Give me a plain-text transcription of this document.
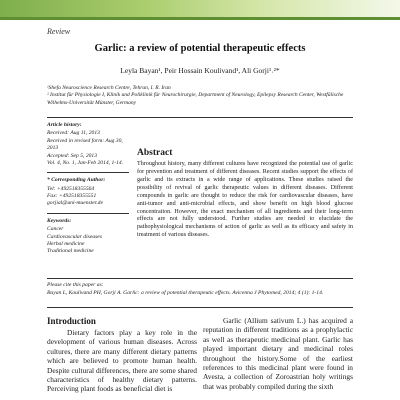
Review
Garlic: a review of potential therapeutic effects
Leyla Bayan¹, Peir Hossain Koulivand¹, Ali Gorji¹˒²*
¹Shefa Neuroscience Research Centre, Tehran, I. R. Iran
² Institut für Physiologie I, Klinik und Poliklinik für Neurochirurgie, Department of Neurology, Epilepsy Research Center, Westfälische Wilhelms-Universität Münster, Germany
Article history:
Received: Aug 11, 2013
Received in revised form: Aug 30, 2013
Accepted: Sep 5, 2013
Vol. 4, No. 1, Jan-Feb 2014, 1-14.
* Corresponding Author:
Tel: +492518355564
Fax: +492518355551
gorjial@uni-muenster.de
Keywords:
Cancer
Cardiovascular diseases
Herbal medicine
Traditional medicine
Abstract
Throughout history, many different cultures have recognized the potential use of garlic for prevention and treatment of different diseases. Recent studies support the effects of garlic and its extracts in a wide range of applications. These studies raised the possibility of revival of garlic therapeutic values in different diseases. Different compounds in garlic are thought to reduce the risk for cardiovascular diseases, have anti-tumor and anti-microbial effects, and show benefit on high blood glucose concentration. However, the exact mechanism of all ingredients and their long-term effects are not fully understood. Further studies are needed to elucidate the pathophysiological mechanisms of action of garlic as well as its efficacy and safety in treatment of various diseases.
Please cite this paper as:
Bayan L, Koulivand PH, Gorji A. Garlic: a review of potential therapeutic effects. Avicenna J Phytomed, 2014; 4 (1): 1-14.
Introduction
Dietary factors play a key role in the development of various human diseases. Across cultures, there are many different dietary patterns which are believed to promote human health. Despite cultural differences, there are some shared characteristics of healthy dietary patterns. Perceiving plant foods as beneficial diet is
Garlic (Allium sativum L.) has acquired a reputation in different traditions as a prophylactic as well as therapeutic medicinal plant. Garlic has played important dietary and medicinal roles throughout the history.Some of the earliest references to this medicinal plant were found in Avesta, a collection of Zoroastrian holy writings that was probably compiled during the sixth
